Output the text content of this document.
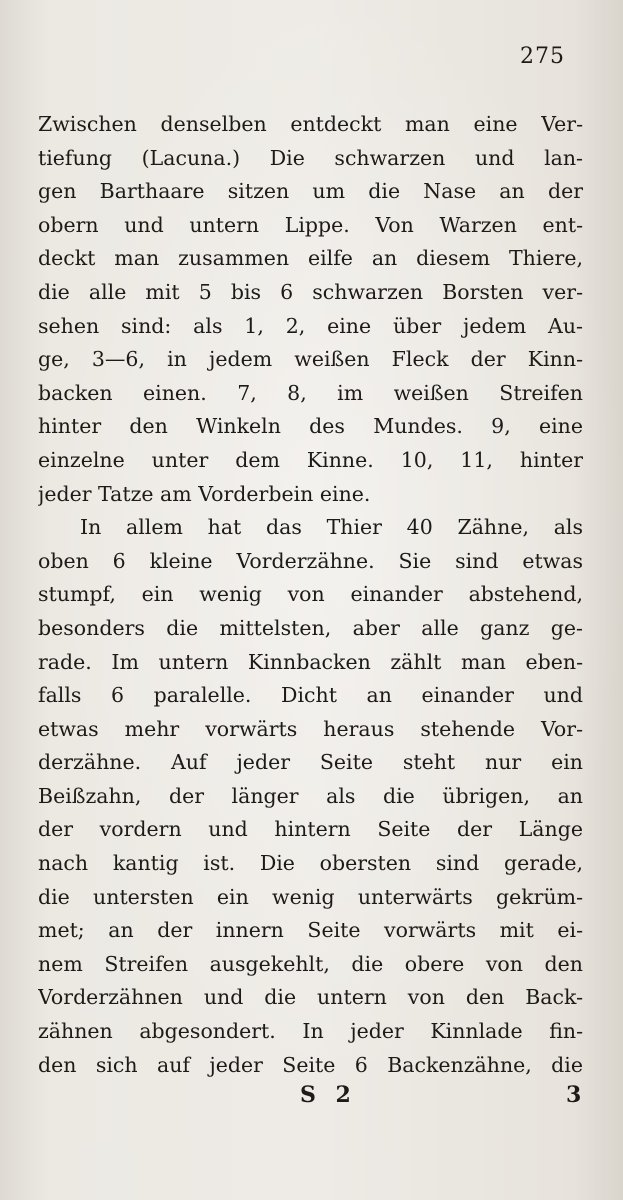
275
Zwischen denselben entdeckt man eine Ver-
tiefung (Lacuna.) Die schwarzen und lan-
gen Barthaare sitzen um die Nase an der
obern und untern Lippe. Von Warzen ent-
deckt man zusammen eilfe an diesem Thiere,
die alle mit 5 bis 6 schwarzen Borsten ver-
sehen sind: als 1, 2, eine über jedem Au-
ge, 3—6, in jedem weißen Fleck der Kinn-
backen einen. 7, 8, im weißen Streifen
hinter den Winkeln des Mundes. 9, eine
einzelne unter dem Kinne. 10, 11, hinter
jeder Tatze am Vorderbein eine.
In allem hat das Thier 40 Zähne, als
oben 6 kleine Vorderzähne. Sie sind etwas
stumpf, ein wenig von einander abstehend,
besonders die mittelsten, aber alle ganz ge-
rade. Im untern Kinnbacken zählt man eben-
falls 6 paralelle. Dicht an einander und
etwas mehr vorwärts heraus stehende Vor-
derzähne. Auf jeder Seite steht nur ein
Beißzahn, der länger als die übrigen, an
der vordern und hintern Seite der Länge
nach kantig ist. Die obersten sind gerade,
die untersten ein wenig unterwärts gekrüm-
met; an der innern Seite vorwärts mit ei-
nem Streifen ausgekehlt, die obere von den
Vorderzähnen und die untern von den Back-
zähnen abgesondert. In jeder Kinnlade fin-
den sich auf jeder Seite 6 Backenzähne, die
S 2	3
